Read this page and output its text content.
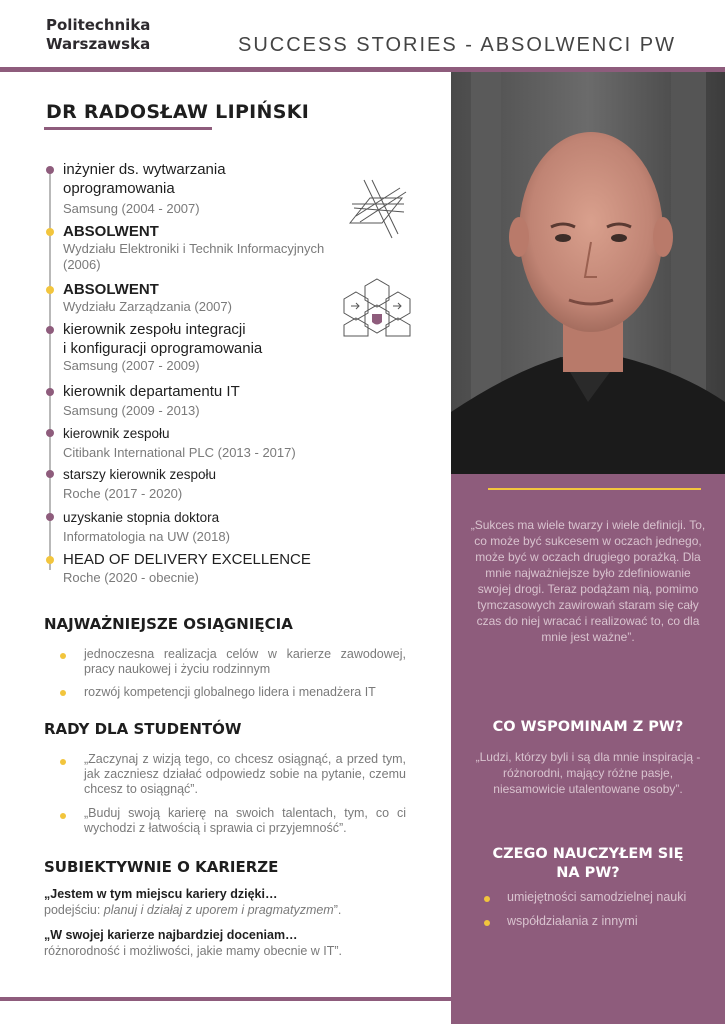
Politechnika
Warszawska	SUCCESS STORIES - ABSOLWENCI PW
DR RADOSŁAW LIPIŃSKI
inżynier ds. wytwarzania
oprogramowania
Samsung (2004 - 2007)
ABSOLWENT
Wydziału Elektroniki i Technik Informacyjnych
(2006)
ABSOLWENT
Wydziału Zarządzania (2007)
kierownik zespołu integracji
i konfiguracji oprogramowania
Samsung (2007 - 2009)
kierownik departamentu IT
Samsung (2009 - 2013)
kierownik zespołu
Citibank International PLC (2013 - 2017)
starszy kierownik zespołu
Roche (2017 - 2020)
uzyskanie stopnia doktora
Informatologia na UW (2018)
HEAD OF DELIVERY EXCELLENCE
Roche (2020 - obecnie)
NAJWAŻNIEJSZE OSIĄGNIĘCIA
jednoczesna realizacja celów w karierze zawodowej, pracy naukowej i życiu rodzinnym
rozwój kompetencji globalnego lidera i menadżera IT
RADY DLA STUDENTÓW
„Zaczynaj z wizją tego, co chcesz osiągnąć, a przed tym, jak zaczniesz działać odpowiedz sobie na pytanie, czemu chcesz to osiągnąć”.
„Buduj swoją karierę na swoich talentach, tym, co ci wychodzi z łatwością i sprawia ci przyjemność”.
SUBIEKTYWNIE O KARIERZE
„Jestem w tym miejscu kariery dzięki…
podejściu: planuj i działaj z uporem i pragmatyzmem”.
„W swojej karierze najbardziej doceniam…
różnorodność i możliwości, jakie mamy obecnie w IT”.
„Sukces ma wiele twarzy i wiele definicji. To, co może być sukcesem w oczach jednego, może być w oczach drugiego porażką. Dla mnie najważniejsze było zdefiniowanie swojej drogi. Teraz podążam nią, pomimo tymczasowych zawirowań staram się cały czas do niej wracać i realizować to, co dla mnie jest ważne”.
CO WSPOMINAM Z PW?
„Ludzi, którzy byli i są dla mnie inspiracją - różnorodni, mający różne pasje, niesamowicie utalentowane osoby”.
CZEGO NAUCZYŁEM SIĘ
NA PW?
umiejętności samodzielnej nauki
współdziałania z innymi
